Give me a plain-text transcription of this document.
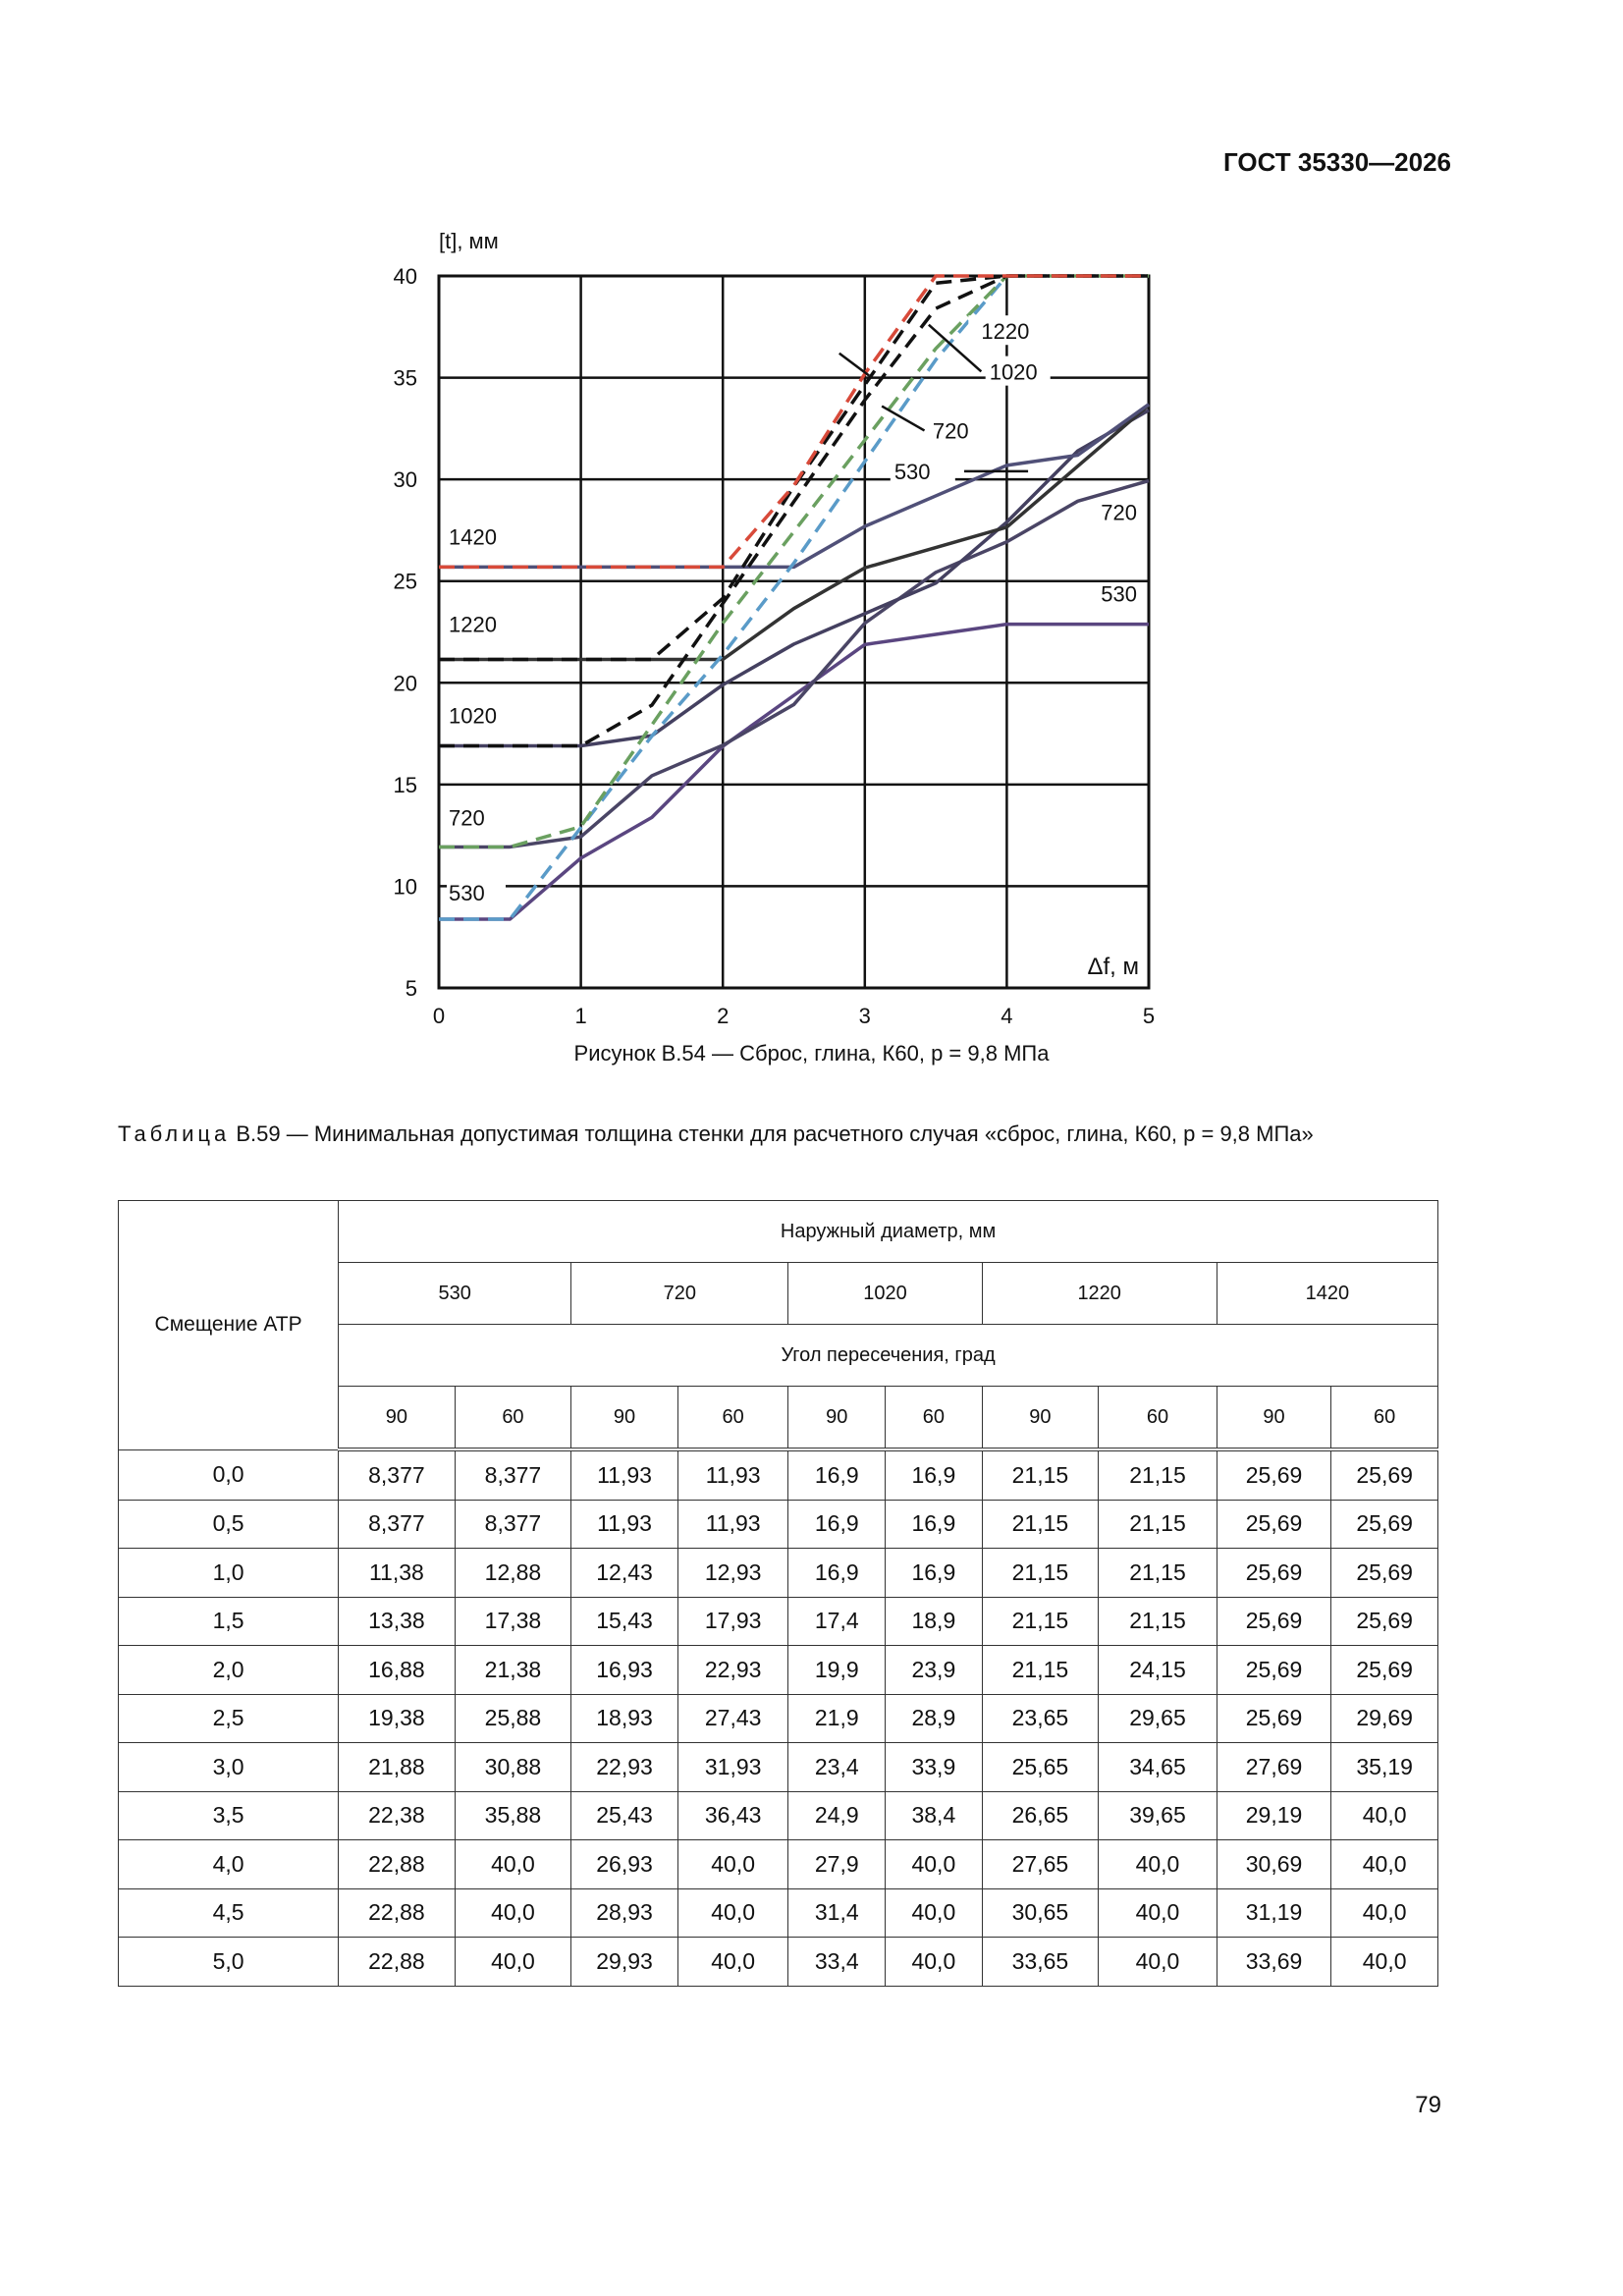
ГОСТ 35330—2026
0	1	2	3	4	5
5
10
15
20
25
30
35
40
[t], мм
Δf, м
1420
1220
1020
720
530
1220
1020
720
530
720
530
Рисунок В.54 — Сброс, глина, К60, p = 9,8 МПа
Таблица В.59 — Минимальная допустимая толщина стенки для расчетного случая «сброс, глина, К60, p = 9,8 МПа»
Смещение АТР	Наружный диаметр, мм									
	530		720		1020		1220		1420	
	Угол пересечения, град									
	90	60	90	60	90	60	90	60	90	60
0,0	8,377	8,377	11,93	11,93	16,9	16,9	21,15	21,15	25,69	25,69
0,5	8,377	8,377	11,93	11,93	16,9	16,9	21,15	21,15	25,69	25,69
1,0	11,38	12,88	12,43	12,93	16,9	16,9	21,15	21,15	25,69	25,69
1,5	13,38	17,38	15,43	17,93	17,4	18,9	21,15	21,15	25,69	25,69
2,0	16,88	21,38	16,93	22,93	19,9	23,9	21,15	24,15	25,69	25,69
2,5	19,38	25,88	18,93	27,43	21,9	28,9	23,65	29,65	25,69	29,69
3,0	21,88	30,88	22,93	31,93	23,4	33,9	25,65	34,65	27,69	35,19
3,5	22,38	35,88	25,43	36,43	24,9	38,4	26,65	39,65	29,19	40,0
4,0	22,88	40,0	26,93	40,0	27,9	40,0	27,65	40,0	30,69	40,0
4,5	22,88	40,0	28,93	40,0	31,4	40,0	30,65	40,0	31,19	40,0
5,0	22,88	40,0	29,93	40,0	33,4	40,0	33,65	40,0	33,69	40,0
79
